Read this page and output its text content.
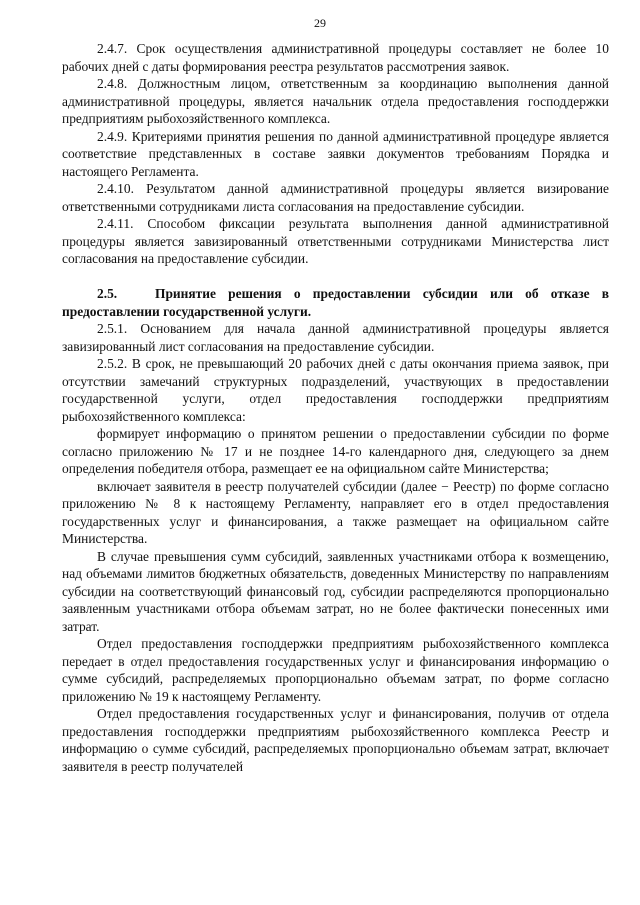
29

2.4.7. Срок осуществления административной процедуры составляет не более 10 рабочих дней с даты формирования реестра результатов рассмотрения заявок.

2.4.8. Должностным лицом, ответственным за координацию выполнения данной административной процедуры, является начальник отдела предоставления господдержки предприятиям рыбохозяйственного комплекса.

2.4.9. Критериями принятия решения по данной административной процедуре является соответствие представленных в составе заявки документов требованиям Порядка и настоящего Регламента.

2.4.10. Результатом данной административной процедуры является визирование ответственными сотрудниками листа согласования на предоставление субсидии.

2.4.11. Способом фиксации результата выполнения данной административной процедуры является завизированный ответственными сотрудниками Министерства лист согласования на предоставление субсидии.

2.5.	Принятие решения о предоставлении субсидии или об отказе в предоставлении государственной услуги.

2.5.1. Основанием для начала данной административной процедуры является завизированный лист согласования на предоставление субсидии.

2.5.2. В срок, не превышающий 20 рабочих дней с даты окончания приема заявок, при отсутствии замечаний структурных подразделений, участвующих в предоставлении государственной услуги, отдел предоставления господдержки предприятиям рыбохозяйственного комплекса:

формирует информацию о принятом решении о предоставлении субсидии по форме согласно приложению № 17 и не позднее 14-го календарного дня, следующего за днем определения победителя отбора, размещает ее на официальном сайте Министерства;

включает заявителя в реестр получателей субсидии (далее − Реестр) по форме согласно приложению № 8 к настоящему Регламенту, направляет его в отдел предоставления государственных услуг и финансирования, а также размещает на официальном сайте Министерства.

В случае превышения сумм субсидий, заявленных участниками отбора к возмещению, над объемами лимитов бюджетных обязательств, доведенных Министерству по направлениям субсидии на соответствующий финансовый год, субсидии распределяются пропорционально заявленным участниками отбора объемам затрат, но не более фактически понесенных ими затрат.

Отдел предоставления господдержки предприятиям рыбохозяйственного комплекса передает в отдел предоставления государственных услуг и финансирования информацию о сумме субсидий, распределяемых пропорционально объемам затрат, по форме согласно приложению № 19 к настоящему Регламенту.

Отдел предоставления государственных услуг и финансирования, получив от отдела предоставления господдержки предприятиям рыбохозяйственного комплекса Реестр и информацию о сумме субсидий, распределяемых пропорционально объемам затрат, включает заявителя в реестр получателей
